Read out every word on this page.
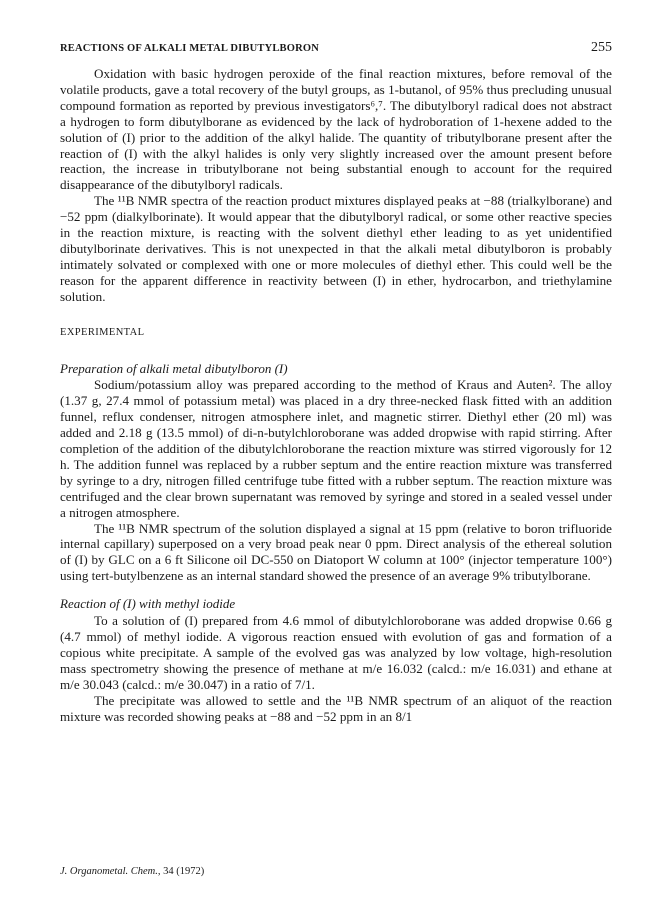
REACTIONS OF ALKALI METAL DIBUTYLBORON	255

Oxidation with basic hydrogen peroxide of the final reaction mixtures, before removal of the volatile products, gave a total recovery of the butyl groups, as 1-butanol, of 95% thus precluding unusual compound formation as reported by previous investigators⁶,⁷. The dibutylboryl radical does not abstract a hydrogen to form dibutylborane as evidenced by the lack of hydroboration of 1-hexene added to the solution of (I) prior to the addition of the alkyl halide. The quantity of tributylborane present after the reaction of (I) with the alkyl halides is only very slightly increased over the amount present before reaction, the increase in tributylborane not being substantial enough to account for the required disappearance of the dibutylboryl radicals.

The ¹¹B NMR spectra of the reaction product mixtures displayed peaks at −88 (trialkylborane) and −52 ppm (dialkylborinate). It would appear that the dibutylboryl radical, or some other reactive species in the reaction mixture, is reacting with the solvent diethyl ether leading to as yet unidentified dibutylborinate derivatives. This is not unexpected in that the alkali metal dibutylboron is probably intimately solvated or complexed with one or more molecules of diethyl ether. This could well be the reason for the apparent difference in reactivity between (I) in ether, hydrocarbon, and triethylamine solution.

EXPERIMENTAL

Preparation of alkali metal dibutylboron (I)

Sodium/potassium alloy was prepared according to the method of Kraus and Auten². The alloy (1.37 g, 27.4 mmol of potassium metal) was placed in a dry three-necked flask fitted with an addition funnel, reflux condenser, nitrogen atmosphere inlet, and magnetic stirrer. Diethyl ether (20 ml) was added and 2.18 g (13.5 mmol) of di-n-butylchloroborane was added dropwise with rapid stirring. After completion of the addition of the dibutylchloroborane the reaction mixture was stirred vigorously for 12 h. The addition funnel was replaced by a rubber septum and the entire reaction mixture was transferred by syringe to a dry, nitrogen filled centrifuge tube fitted with a rubber septum. The reaction mixture was centrifuged and the clear brown supernatant was removed by syringe and stored in a sealed vessel under a nitrogen atmosphere.

The ¹¹B NMR spectrum of the solution displayed a signal at 15 ppm (relative to boron trifluoride internal capillary) superposed on a very broad peak near 0 ppm. Direct analysis of the ethereal solution of (I) by GLC on a 6 ft Silicone oil DC-550 on Diatoport W column at 100° (injector temperature 100°) using tert-butylbenzene as an internal standard showed the presence of an average 9% tributylborane.

Reaction of (I) with methyl iodide

To a solution of (I) prepared from 4.6 mmol of dibutylchloroborane was added dropwise 0.66 g (4.7 mmol) of methyl iodide. A vigorous reaction ensued with evolution of gas and formation of a copious white precipitate. A sample of the evolved gas was analyzed by low voltage, high-resolution mass spectrometry showing the presence of methane at m/e 16.032 (calcd.: m/e 16.031) and ethane at m/e 30.043 (calcd.: m/e 30.047) in a ratio of 7/1.

The precipitate was allowed to settle and the ¹¹B NMR spectrum of an aliquot of the reaction mixture was recorded showing peaks at −88 and −52 ppm in an 8/1

J. Organometal. Chem., 34 (1972)
